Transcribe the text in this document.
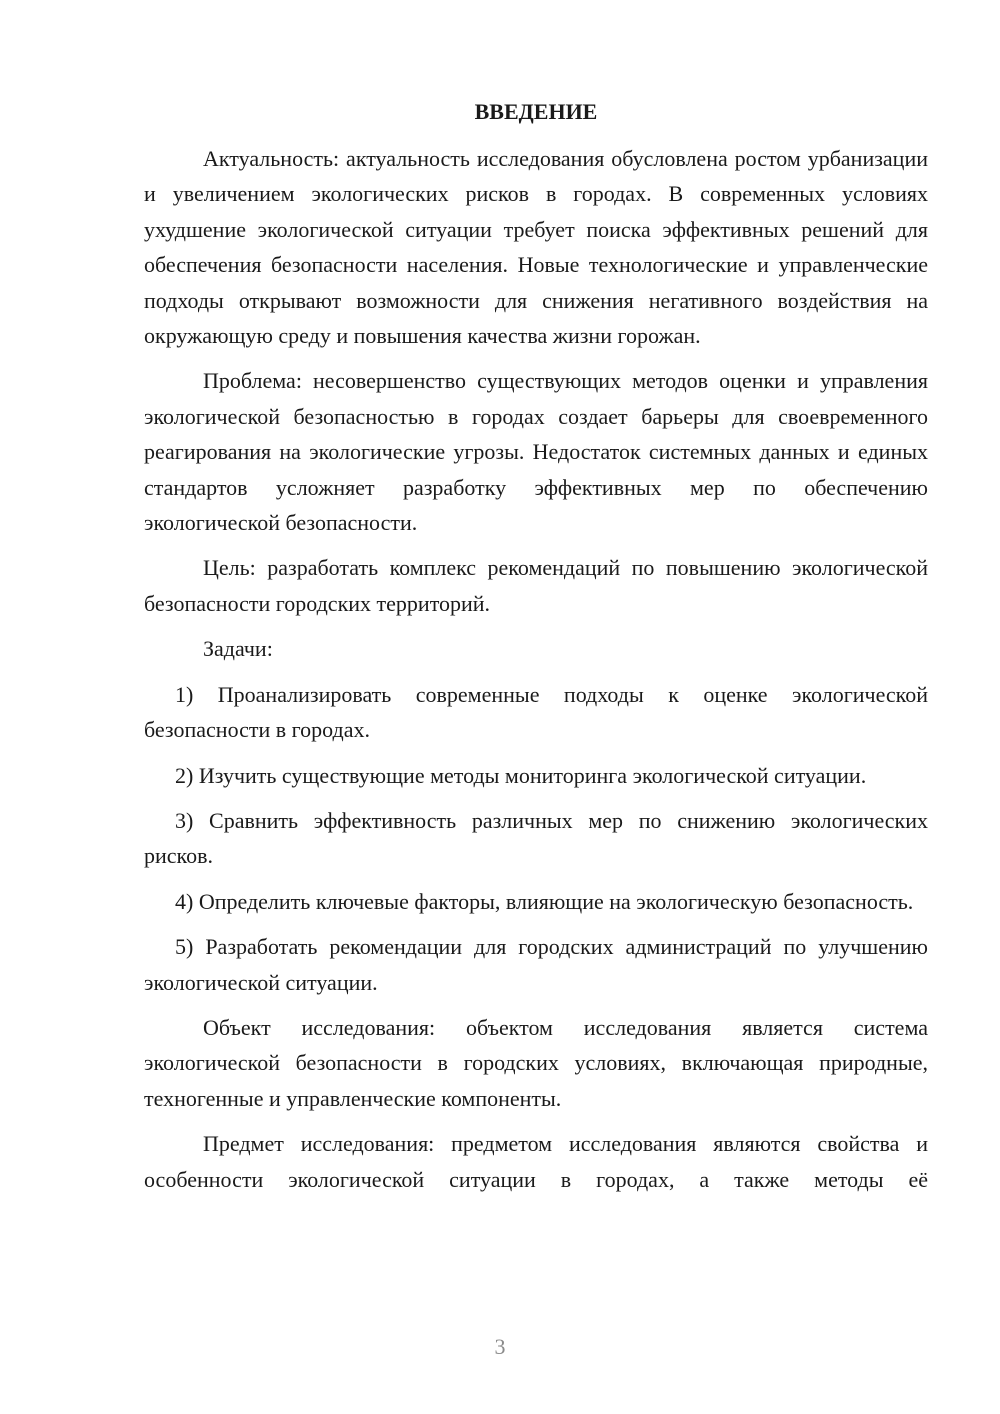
ВВЕДЕНИЕ

Актуальность: актуальность исследования обусловлена ростом урбанизации и увеличением экологических рисков в городах. В современных условиях ухудшение экологической ситуации требует поиска эффективных решений для обеспечения безопасности населения. Новые технологические и управленческие подходы открывают возможности для снижения негативного воздействия на окружающую среду и повышения качества жизни горожан.

Проблема: несовершенство существующих методов оценки и управления экологической безопасностью в городах создает барьеры для своевременного реагирования на экологические угрозы. Недостаток системных данных и единых стандартов усложняет разработку эффективных мер по обеспечению экологической безопасности.

Цель: разработать комплекс рекомендаций по повышению экологической безопасности городских территорий.

Задачи:

1) Проанализировать современные подходы к оценке экологической безопасности в городах.

2) Изучить существующие методы мониторинга экологической ситуации.

3) Сравнить эффективность различных мер по снижению экологических рисков.

4) Определить ключевые факторы, влияющие на экологическую безопасность.

5) Разработать рекомендации для городских администраций по улучшению экологической ситуации.

Объект исследования: объектом исследования является система экологической безопасности в городских условиях, включающая природные, техногенные и управленческие компоненты.

Предмет исследования: предметом исследования являются свойства и особенности экологической ситуации в городах, а также методы её

3
